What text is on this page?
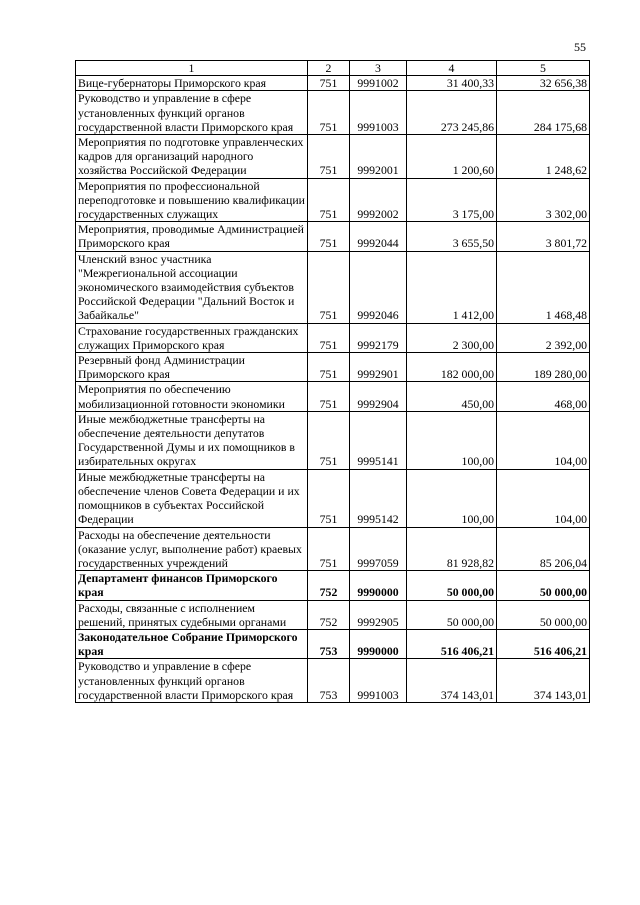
55
1	2	3	4	5
Вице-губернаторы Приморского края	751	9991002	31 400,33	32 656,38
Руководство и управление в сфере установленных функций органов государственной власти Приморского края	751	9991003	273 245,86	284 175,68
Мероприятия по подготовке управленческих кадров для организаций народного хозяйства Российской Федерации	751	9992001	1 200,60	1 248,62
Мероприятия по профессиональной переподготовке и повышению квалификации государственных служащих	751	9992002	3 175,00	3 302,00
Мероприятия, проводимые Администрацией Приморского края	751	9992044	3 655,50	3 801,72
Членский взнос участника "Межрегиональной ассоциации экономического взаимодействия субъектов Российской Федерации "Дальний Восток и Забайкалье"	751	9992046	1 412,00	1 468,48
Страхование государственных гражданских служащих Приморского края	751	9992179	2 300,00	2 392,00
Резервный фонд Администрации Приморского края	751	9992901	182 000,00	189 280,00
Мероприятия по обеспечению мобилизационной готовности экономики	751	9992904	450,00	468,00
Иные межбюджетные трансферты на обеспечение деятельности депутатов Государственной Думы и их помощников в избирательных округах	751	9995141	100,00	104,00
Иные межбюджетные трансферты на обеспечение членов Совета Федерации и их помощников в субъектах Российской Федерации	751	9995142	100,00	104,00
Расходы на обеспечение деятельности (оказание услуг, выполнение работ) краевых государственных учреждений	751	9997059	81 928,82	85 206,04
Департамент финансов Приморского края	752	9990000	50 000,00	50 000,00
Расходы, связанные с исполнением решений, принятых судебными органами	752	9992905	50 000,00	50 000,00
Законодательное Собрание Приморского края	753	9990000	516 406,21	516 406,21
Руководство и управление в сфере установленных функций органов государственной власти Приморского края	753	9991003	374 143,01	374 143,01
